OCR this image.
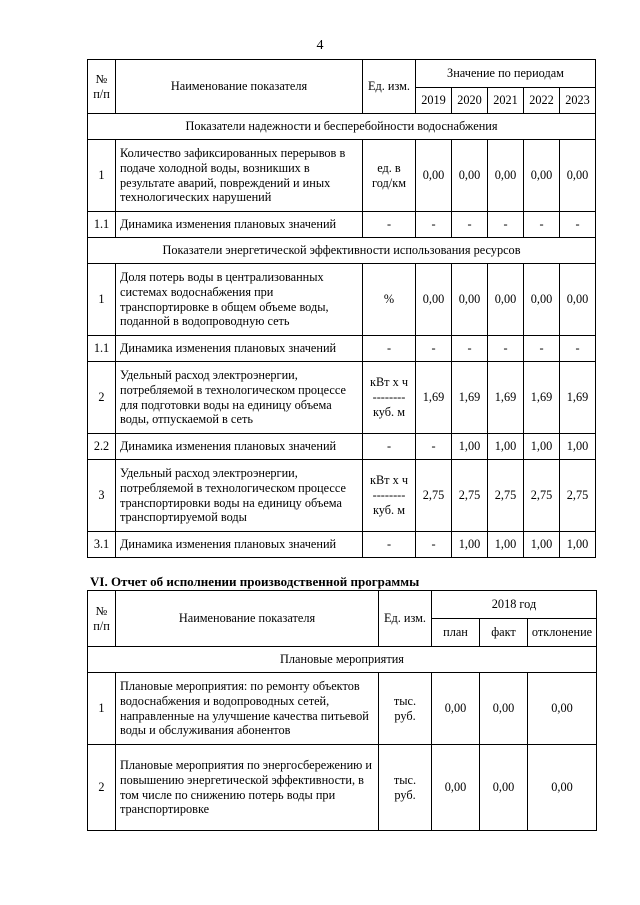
4
№ п/п	Наименование показателя	Ед. изм.	Значение по периодам				
			2019	2020	2021	2022	2023
Показатели надежности и бесперебойности водоснабжения							
1	Количество зафиксированных перерывов в подаче холодной воды, возникших в результате аварий, повреждений и иных технологических нарушений	ед. в год/км	0,00	0,00	0,00	0,00	0,00
1.1	Динамика изменения плановых значений	-	-	-	-	-	-
Показатели энергетической эффективности использования ресурсов							
1	Доля потерь воды в централизованных системах водоснабжения при транспортировке в общем объеме воды, поданной в водопроводную сеть	%	0,00	0,00	0,00	0,00	0,00
1.1	Динамика изменения плановых значений	-	-	-	-	-	-
2	Удельный расход электроэнергии, потребляемой в технологическом процессе для подготовки воды на единицу объема воды, отпускаемой в сеть	кВт х ч
--------
куб. м	1,69	1,69	1,69	1,69	1,69
2.2	Динамика изменения плановых значений	-	-	1,00	1,00	1,00	1,00
3	Удельный расход электроэнергии, потребляемой в технологическом процессе транспортировки воды на единицу объема транспортируемой воды	кВт х ч
--------
куб. м	2,75	2,75	2,75	2,75	2,75
3.1	Динамика изменения плановых значений	-	-	1,00	1,00	1,00	1,00
VI. Отчет об исполнении производственной программы
№ п/п	Наименование показателя	Ед. изм.	2018 год		
			план	факт	отклонение
Плановые мероприятия					
1	Плановые мероприятия: по ремонту объектов водоснабжения и водопроводных сетей, направленные на улучшение качества питьевой воды и обслуживания абонентов	тыс. руб.	0,00	0,00	0,00
2	Плановые мероприятия по энергосбережению и повышению энергетической эффективности, в том числе по снижению потерь воды при транспортировке	тыс. руб.	0,00	0,00	0,00
